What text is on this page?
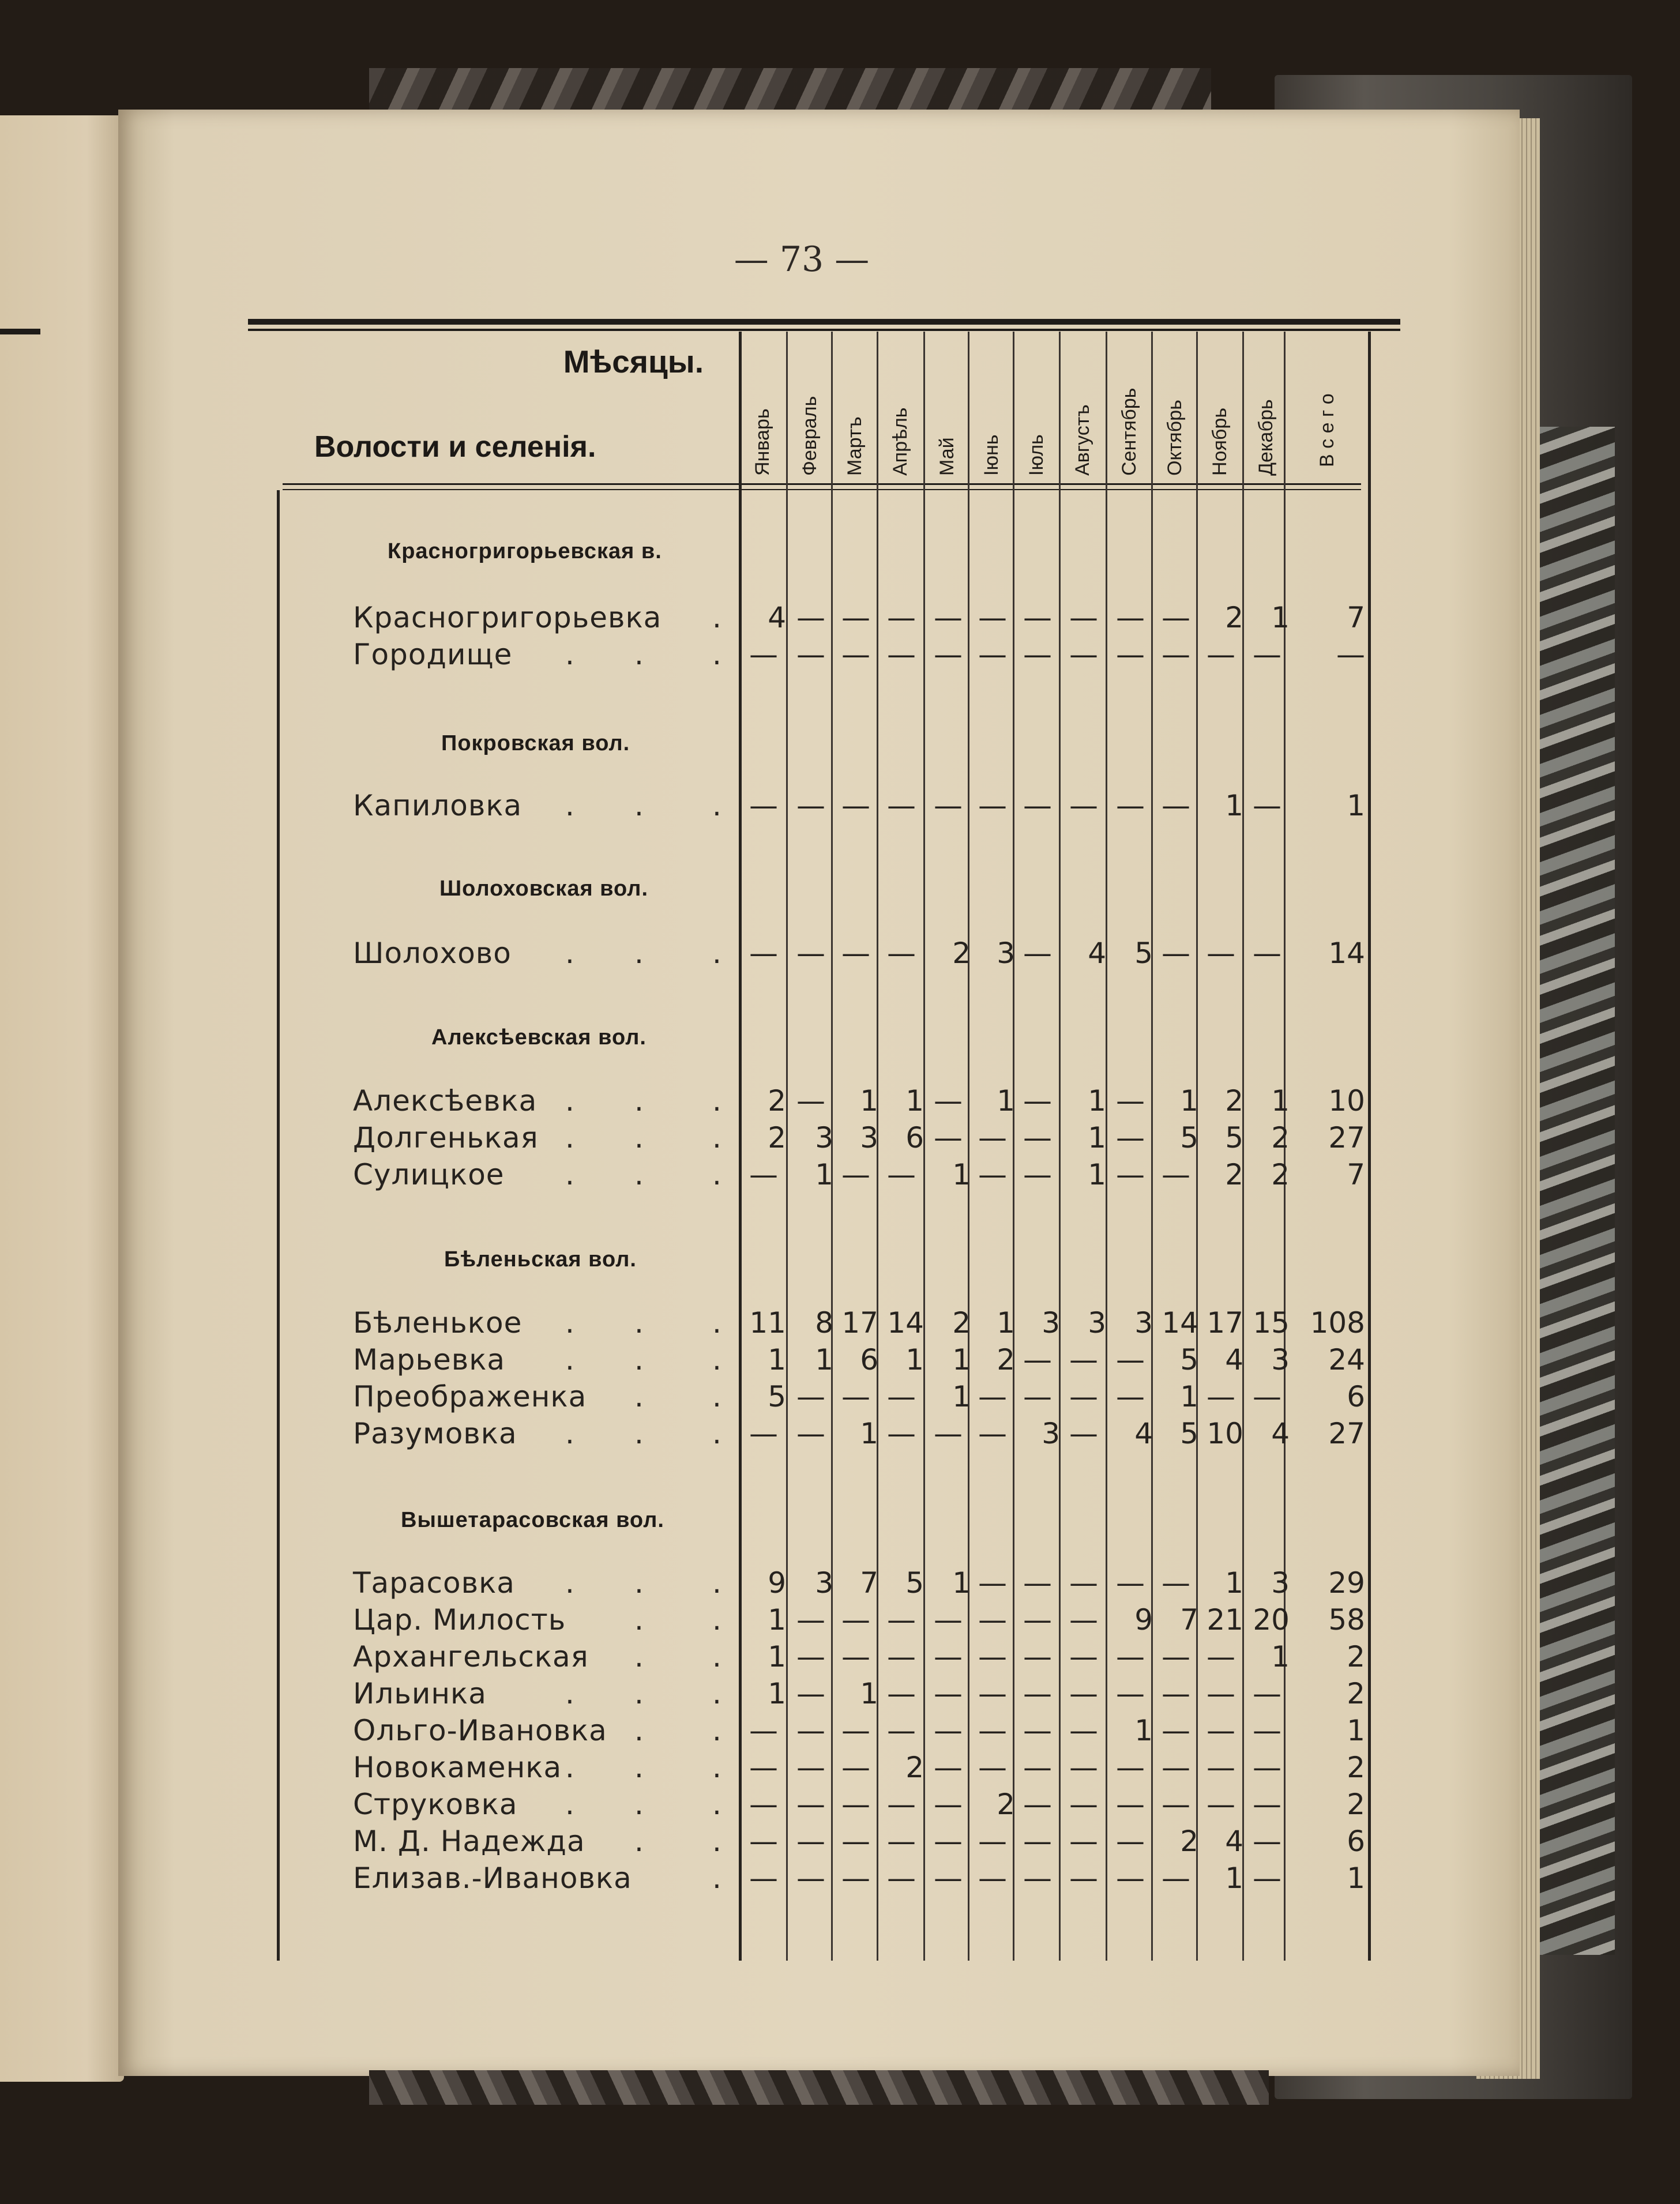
— 73 —
Мѣсяцы.
Волости и селенія.	Январь Февраль Мартъ Апрѣль Май Іюнь Іюль Августъ Сентябрь Октябрь Ноябрь Декабрь В с е г о
Красногригорьевская в.
Красногригорьевка .	4 — — — — — — — — —	2 1	7
Городище . . . — — — — — — — — — — — —	—
Покровская вол.
Капиловка . . . — — — — — — — — — —	1 —	1
Шолоховская вол.
Шолохово . . . — — — —	2 3 —	4 5 — — —	14
Алексѣевская вол.
Алексѣевка . . .	2 —	1 1 —	1 —	1 —	1 2 1	10
Долгенькая . . .	2	3 3 6 — — —	1 —	5 5 2	27
Сулицкое . . . —	1 — —	1 — —	1 — —	2 2	7
Бѣленьская вол.
Бѣленькое . . . 11	8 17 14 2 1 3 3 3 14 17 15 108
Марьевка . . .	1	1 6 1 1 2 — — —	5 4 3	24
Преображенка . .	5 — — —	1 — — — —	1 — —	6
Разумовка . . . — —	1 — — —	3 —	4 5 10 4	27
Вышетарасовская вол.
Тарасовка . . .	9	3 7 5 1 — — — — —	1 3	29
Цар. Милость . .	1 — — — — — — —	9 7 21 20	58
Архангельская . .	1 — — — — — — — — — —	1	2
Ильинка	. . .	1 —	1 — — — — — — — — —	2
Ольго-Ивановка . . — — — — — — — —	1 — — —	1
Новокаменка . . . — — —	2 — — — — — — — —	2
Струковка . . . — — — — —	2 — — — — — —	2
М. Д. Надежда . . — — — — — — — — —	2 4 —	6
Елизав.-Ивановка	. — — — — — — — — — —	1 —	1
